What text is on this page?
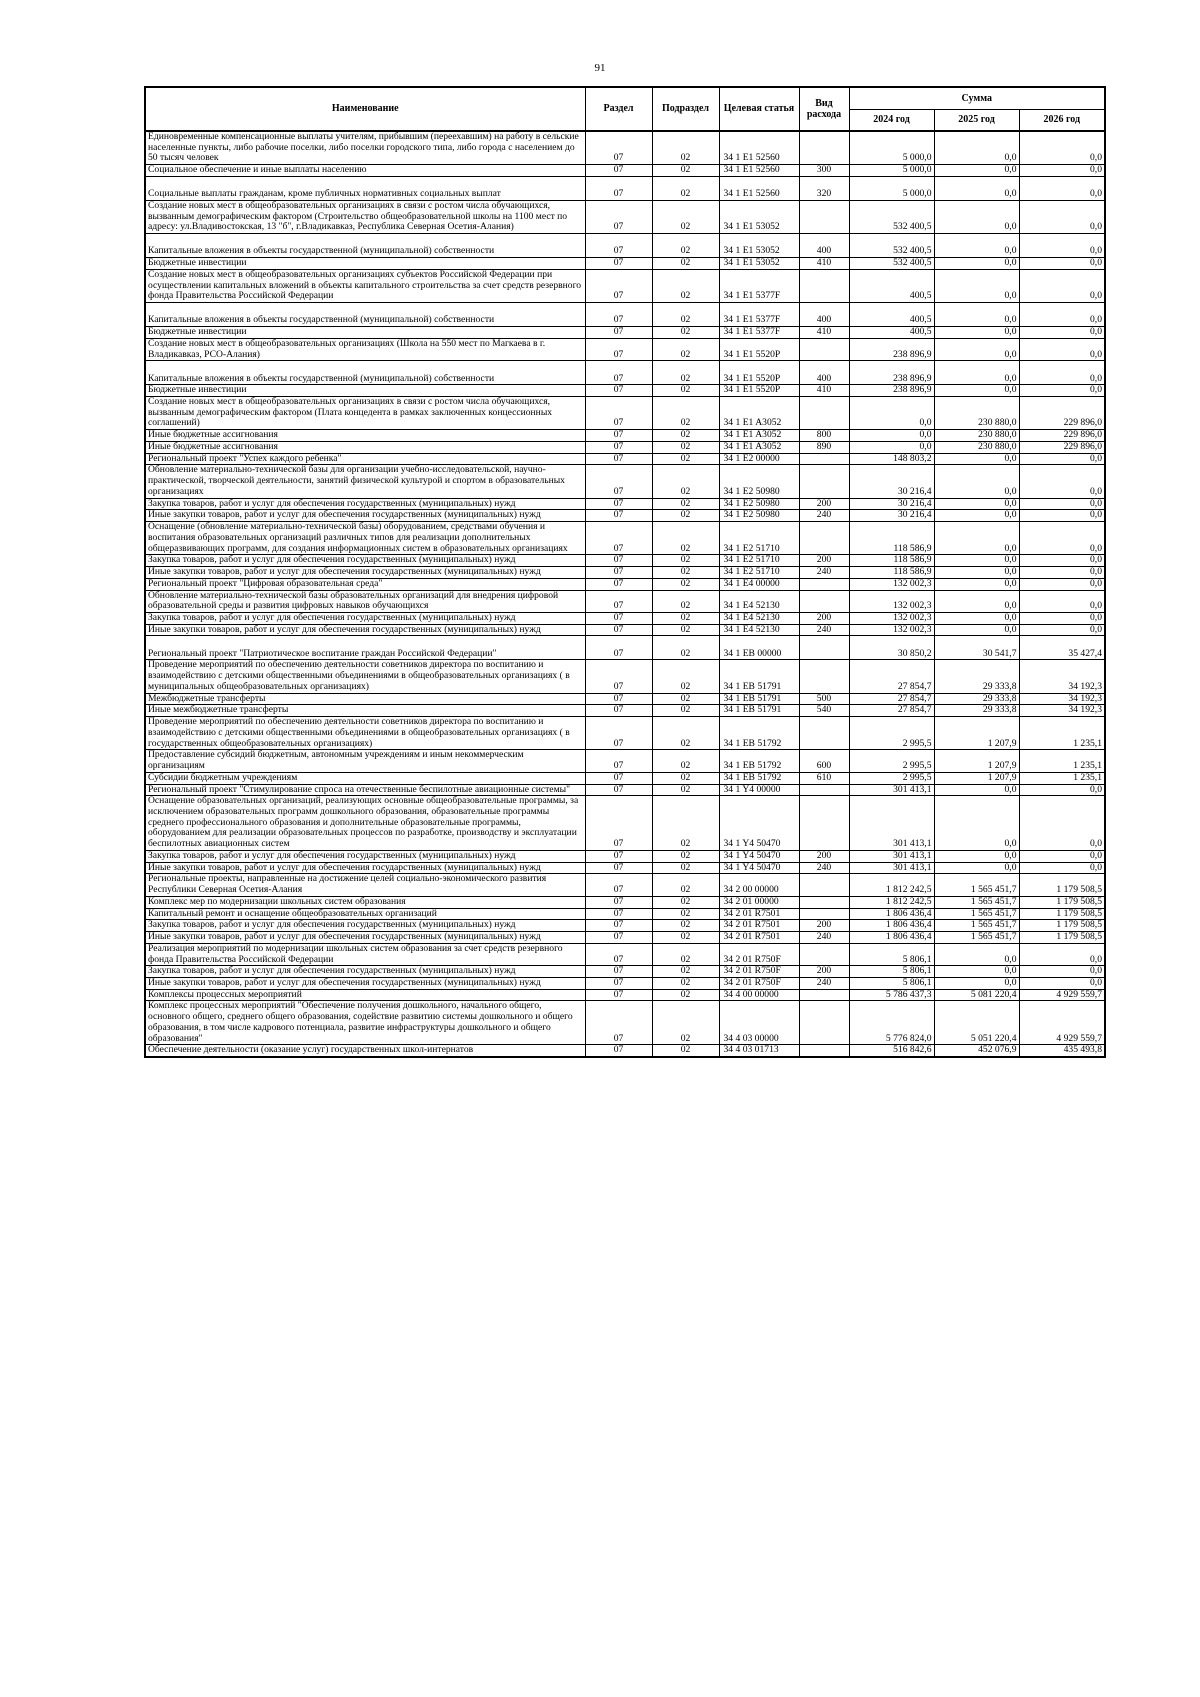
91
Наименование	Раздел	Подраздел	Целевая статья	Вид расхода	Сумма		
					2024 год	2025 год	2026 год
Единовременные компенсационные выплаты учителям, прибывшим (переехавшим) на работу в сельские населенные пункты, либо рабочие поселки, либо поселки городского типа, либо города с населением до 50 тысяч человек	07	02	34 1 E1 52560		5 000,0	0,0	0,0
Социальное обеспечение и иные выплаты населению	07	02	34 1 E1 52560	300	5 000,0	0,0	0,0
Социальные выплаты гражданам, кроме публичных нормативных социальных выплат	07	02	34 1 E1 52560	320	5 000,0	0,0	0,0
Создание новых мест в общеобразовательных организациях в связи с ростом числа обучающихся, вызванным демографическим фактором (Строительство общеобразовательной школы на 1100 мест по адресу: ул.Владивостокская, 13 "б", г.Владикавказ, Республика Северная Осетия-Алания)	07	02	34 1 E1 53052		532 400,5	0,0	0,0
Капитальные вложения в объекты государственной (муниципальной) собственности	07	02	34 1 E1 53052	400	532 400,5	0,0	0,0
Бюджетные инвестиции	07	02	34 1 E1 53052	410	532 400,5	0,0	0,0
Создание новых мест в общеобразовательных организациях субъектов Российской Федерации при осуществлении капитальных вложений в объекты капитального строительства за счет средств резервного фонда Правительства Российской Федерации	07	02	34 1 E1 5377F		400,5	0,0	0,0
Капитальные вложения в объекты государственной (муниципальной) собственности	07	02	34 1 E1 5377F	400	400,5	0,0	0,0
Бюджетные инвестиции	07	02	34 1 E1 5377F	410	400,5	0,0	0,0
Создание новых мест в общеобразовательных организациях (Школа на 550 мест по Магкаева в г. Владикавказ, РСО-Алания)	07	02	34 1 E1 5520P		238 896,9	0,0	0,0
Капитальные вложения в объекты государственной (муниципальной) собственности	07	02	34 1 E1 5520P	400	238 896,9	0,0	0,0
Бюджетные инвестиции	07	02	34 1 E1 5520P	410	238 896,9	0,0	0,0
Создание новых мест в общеобразовательных организациях в связи с ростом числа обучающихся, вызванным демографическим фактором (Плата концедента в рамках заключенных концессионных соглашений)	07	02	34 1 E1 A3052		0,0	230 880,0	229 896,0
Иные бюджетные ассигнования	07	02	34 1 E1 A3052	800	0,0	230 880,0	229 896,0
Иные бюджетные ассигнования	07	02	34 1 E1 A3052	890	0,0	230 880,0	229 896,0
Региональный проект "Успех каждого ребенка"	07	02	34 1 E2 00000		148 803,2	0,0	0,0
Обновление материально-технической базы для организации учебно-исследовательской, научно-практической, творческой деятельности, занятий физической культурой и спортом в образовательных организациях	07	02	34 1 E2 50980		30 216,4	0,0	0,0
Закупка товаров, работ и услуг для обеспечения государственных (муниципальных) нужд	07	02	34 1 E2 50980	200	30 216,4	0,0	0,0
Иные закупки товаров, работ и услуг для обеспечения государственных (муниципальных) нужд	07	02	34 1 E2 50980	240	30 216,4	0,0	0,0
Оснащение (обновление материально-технической базы) оборудованием, средствами обучения и воспитания образовательных организаций различных типов для реализации дополнительных общеразвивающих программ, для создания информационных систем в образовательных организациях	07	02	34 1 E2 51710		118 586,9	0,0	0,0
Закупка товаров, работ и услуг для обеспечения государственных (муниципальных) нужд	07	02	34 1 E2 51710	200	118 586,9	0,0	0,0
Иные закупки товаров, работ и услуг для обеспечения государственных (муниципальных) нужд	07	02	34 1 E2 51710	240	118 586,9	0,0	0,0
Региональный проект "Цифровая образовательная среда"	07	02	34 1 E4 00000		132 002,3	0,0	0,0
Обновление материально-технической базы образовательных организаций для внедрения цифровой образовательной среды и развития цифровых навыков обучающихся	07	02	34 1 E4 52130		132 002,3	0,0	0,0
Закупка товаров, работ и услуг для обеспечения государственных (муниципальных) нужд	07	02	34 1 E4 52130	200	132 002,3	0,0	0,0
Иные закупки товаров, работ и услуг для обеспечения государственных (муниципальных) нужд	07	02	34 1 E4 52130	240	132 002,3	0,0	0,0
Региональный проект "Патриотическое воспитание граждан Российской Федерации"	07	02	34 1 EB 00000		30 850,2	30 541,7	35 427,4
Проведение мероприятий по обеспечению деятельности советников директора по воспитанию и взаимодействию с детскими общественными объединениями в общеобразовательных организациях ( в муниципальных общеобразовательных организациях)	07	02	34 1 EB 51791		27 854,7	29 333,8	34 192,3
Межбюджетные трансферты	07	02	34 1 EB 51791	500	27 854,7	29 333,8	34 192,3
Иные межбюджетные трансферты	07	02	34 1 EB 51791	540	27 854,7	29 333,8	34 192,3
Проведение мероприятий по обеспечению деятельности советников директора по воспитанию и взаимодействию с детскими общественными объединениями в общеобразовательных организациях ( в государственных общеобразовательных организациях)	07	02	34 1 EB 51792		2 995,5	1 207,9	1 235,1
Предоставление субсидий бюджетным, автономным учреждениям и иным некоммерческим организациям	07	02	34 1 EB 51792	600	2 995,5	1 207,9	1 235,1
Субсидии бюджетным учреждениям	07	02	34 1 EB 51792	610	2 995,5	1 207,9	1 235,1
Региональный проект "Стимулирование спроса на отечественные беспилотные авиационные системы"	07	02	34 1 Y4 00000		301 413,1	0,0	0,0
Оснащение образовательных организаций, реализующих основные общеобразовательные программы, за исключением образовательных программ дошкольного образования, образовательные программы среднего профессионального образования и дополнительные образовательные программы, оборудованием для реализации образовательных процессов по разработке, производству и эксплуатации беспилотных авиационных систем	07	02	34 1 Y4 50470		301 413,1	0,0	0,0
Закупка товаров, работ и услуг для обеспечения государственных (муниципальных) нужд	07	02	34 1 Y4 50470	200	301 413,1	0,0	0,0
Иные закупки товаров, работ и услуг для обеспечения государственных (муниципальных) нужд	07	02	34 1 Y4 50470	240	301 413,1	0,0	0,0
Региональные проекты, направленные на достижение целей социально-экономического развития Республики Северная Осетия-Алания	07	02	34 2 00 00000		1 812 242,5	1 565 451,7	1 179 508,5
Комплекс мер по модернизации школьных систем образования	07	02	34 2 01 00000		1 812 242,5	1 565 451,7	1 179 508,5
Капитальный ремонт и оснащение общеобразовательных организаций	07	02	34 2 01 R7501		1 806 436,4	1 565 451,7	1 179 508,5
Закупка товаров, работ и услуг для обеспечения государственных (муниципальных) нужд	07	02	34 2 01 R7501	200	1 806 436,4	1 565 451,7	1 179 508,5
Иные закупки товаров, работ и услуг для обеспечения государственных (муниципальных) нужд	07	02	34 2 01 R7501	240	1 806 436,4	1 565 451,7	1 179 508,5
Реализация мероприятий по модернизации школьных систем образования за счет средств резервного фонда Правительства Российской Федерации	07	02	34 2 01 R750F		5 806,1	0,0	0,0
Закупка товаров, работ и услуг для обеспечения государственных (муниципальных) нужд	07	02	34 2 01 R750F	200	5 806,1	0,0	0,0
Иные закупки товаров, работ и услуг для обеспечения государственных (муниципальных) нужд	07	02	34 2 01 R750F	240	5 806,1	0,0	0,0
Комплексы процессных мероприятий	07	02	34 4 00 00000		5 786 437,3	5 081 220,4	4 929 559,7
Комплекс процессных мероприятий "Обеспечение получения дошкольного, начального общего, основного общего, среднего общего образования, содействие развитию системы дошкольного и общего образования, в том числе кадрового потенциала, развитие инфраструктуры дошкольного и общего образования"	07	02	34 4 03 00000		5 776 824,0	5 051 220,4	4 929 559,7
Обеспечение деятельности (оказание услуг) государственных школ-интернатов	07	02	34 4 03 01713		516 842,6	452 076,9	435 493,8
